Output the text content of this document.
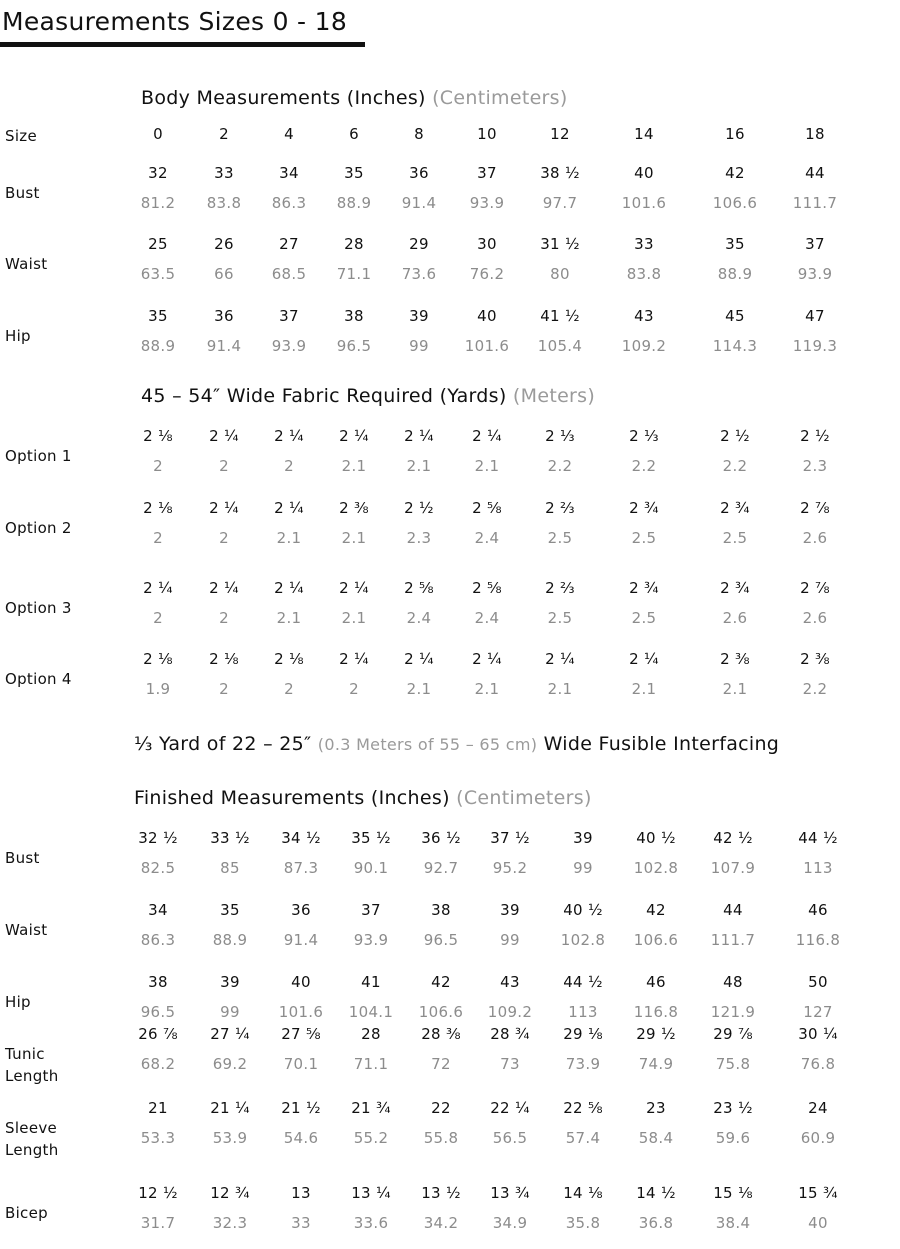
Measurements Sizes 0 - 18
Body Measurements (Inches) (Centimeters)
45 – 54″ Wide Fabric Required (Yards) (Meters)
⅓ Yard of 22 – 25″ (0.3 Meters of 55 – 65 cm) Wide Fusible Interfacing
Finished Measurements (Inches) (Centimeters)
Size	0	2	4	6	8	10	12	14	16	18
Bust
32	33	34	35	36	37	38 ½	40	42	44
81.2	83.8	86.3	88.9	91.4	93.9	97.7	101.6	106.6	111.7
Waist
25	26	27	28	29	30	31 ½	33	35	37
63.5	66	68.5	71.1	73.6	76.2	80	83.8	88.9	93.9
Hip
35	36	37	38	39	40	41 ½	43	45	47
88.9	91.4	93.9	96.5	99	101.6	105.4	109.2	114.3	119.3
Option 1
2 ⅛	2 ¼	2 ¼	2 ¼	2 ¼	2 ¼	2 ⅓	2 ⅓	2 ½	2 ½
2	2	2	2.1	2.1	2.1	2.2	2.2	2.2	2.3
Option 2
2 ⅛	2 ¼	2 ¼	2 ⅜	2 ½	2 ⅝	2 ⅔	2 ¾	2 ¾	2 ⅞
2	2	2.1	2.1	2.3	2.4	2.5	2.5	2.5	2.6
Option 3
2 ¼	2 ¼	2 ¼	2 ¼	2 ⅝	2 ⅝	2 ⅔	2 ¾	2 ¾	2 ⅞
2	2	2.1	2.1	2.4	2.4	2.5	2.5	2.6	2.6
Option 4
2 ⅛	2 ⅛	2 ⅛	2 ¼	2 ¼	2 ¼	2 ¼	2 ¼	2 ⅜	2 ⅜
1.9	2	2	2	2.1	2.1	2.1	2.1	2.1	2.2
Bust
32 ½	33 ½	34 ½	35 ½	36 ½	37 ½	39	40 ½	42 ½	44 ½
82.5	85	87.3	90.1	92.7	95.2	99	102.8	107.9	113
Waist
34	35	36	37	38	39	40 ½	42	44	46
86.3	88.9	91.4	93.9	96.5	99	102.8	106.6	111.7	116.8
Hip
38	39	40	41	42	43	44 ½	46	48	50
96.5	99	101.6	104.1	106.6	109.2	113	116.8	121.9	127
Tunic
Length
26 ⅞	27 ¼	27 ⅝	28	28 ⅜	28 ¾	29 ⅛	29 ½	29 ⅞	30 ¼
68.2	69.2	70.1	71.1	72	73	73.9	74.9	75.8	76.8
Sleeve
Length
21	21 ¼	21 ½	21 ¾	22	22 ¼	22 ⅝	23	23 ½	24
53.3	53.9	54.6	55.2	55.8	56.5	57.4	58.4	59.6	60.9
Bicep
12 ½	12 ¾	13	13 ¼	13 ½	13 ¾	14 ⅛	14 ½	15 ⅛	15 ¾
31.7	32.3	33	33.6	34.2	34.9	35.8	36.8	38.4	40
